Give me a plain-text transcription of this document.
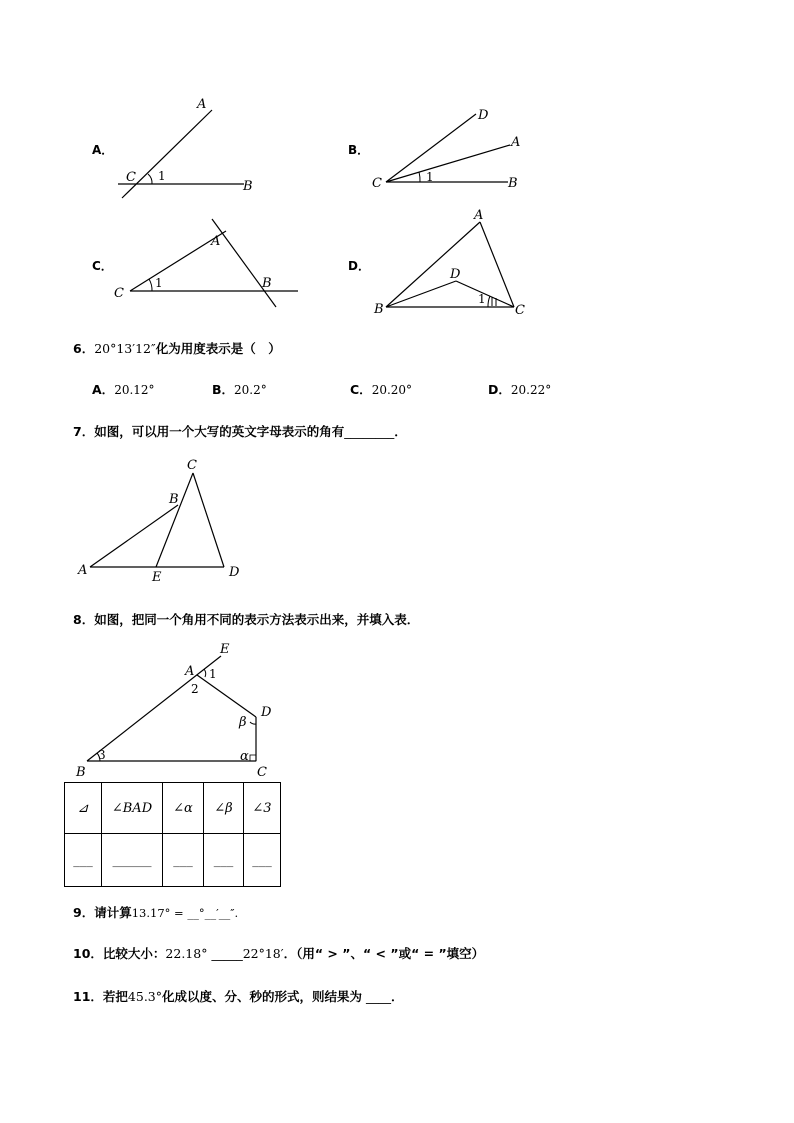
A．
A
C
B
1
B．
D
A
C	B
1
C．
A
C
B
1
D．
A
D
B	C
1
6．20°13′12″化为用度表示是（　）
A．20.12°	B．20.2°	C．20.20°	D．20.22°
7．如图，可以用一个大写的英文字母表示的角有________．
C
B
A	E	D
8．如图，把同一个角用不同的表示方法表示出来，并填入表．
E
A
D
B	C
1
2
3
β
α
⊿	∠BAD	∠α	∠β	∠3
___	______	___	___	___
9．请计算13.17° = __°__′__″.
10．比较大小：22.18° _____22°18′．（用“ > ”、“ < ”或“ = ”填空）
11．若把45.3°化成以度、分、秒的形式，则结果为 ____．
